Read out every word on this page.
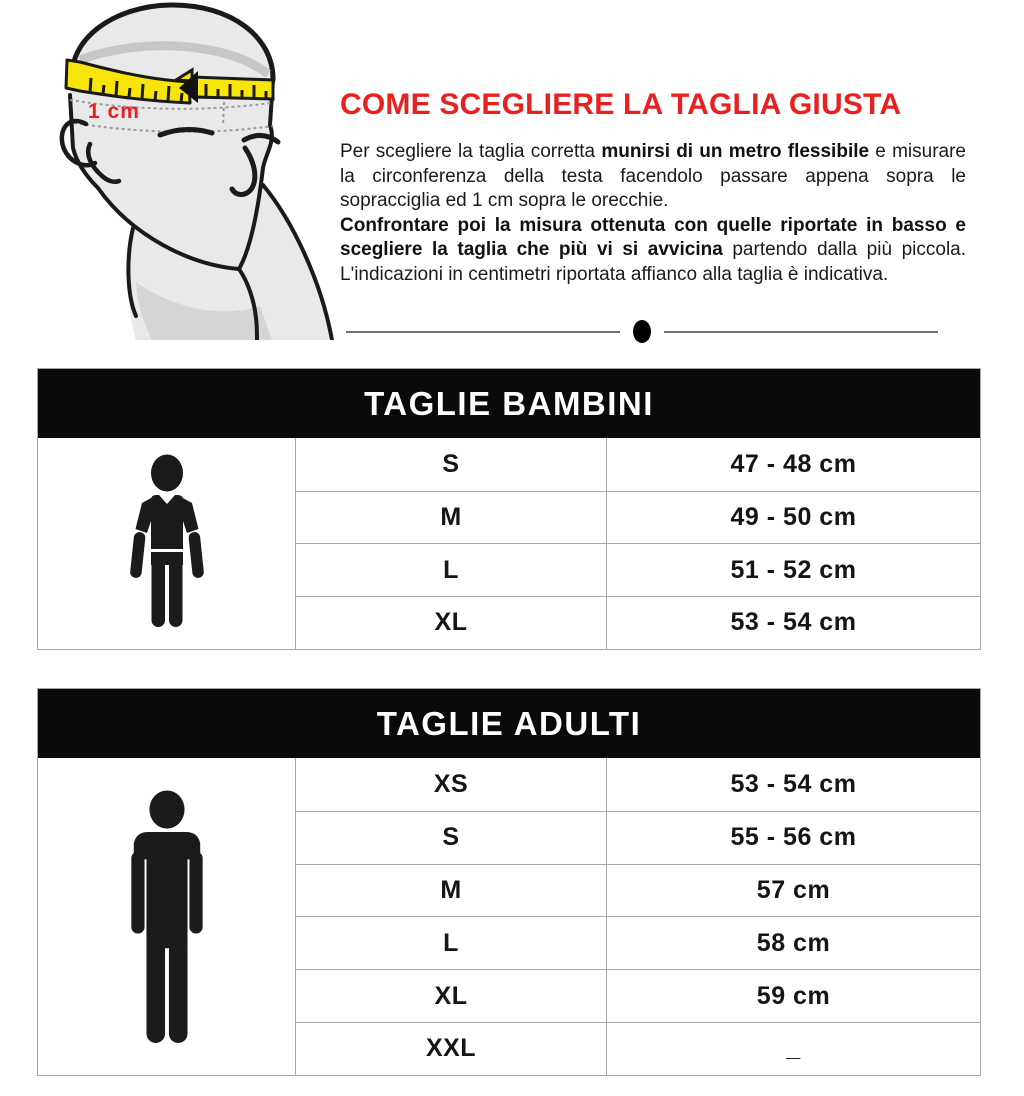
1 cm	COME SCEGLIERE LA TAGLIA GIUSTA

Per scegliere la taglia corretta munirsi di un metro flessibile e misurare la circonferenza della testa facendolo passare appena sopra le sopracciglia ed 1 cm sopra le orecchie.

Confrontare poi la misura ottenuta con quelle riportate in basso e scegliere la taglia che più vi si avvicina partendo dalla più piccola. L'indicazioni in centimetri riportata affianco alla taglia è indicativa.

TAGLIE BAMBINI
S	47 - 48 cm
M	49 - 50 cm
L	51 - 52 cm
XL	53 - 54 cm
TAGLIE ADULTI
XS	53 - 54 cm
S	55 - 56 cm
M	57 cm
L	58 cm
XL	59 cm
XXL	_
